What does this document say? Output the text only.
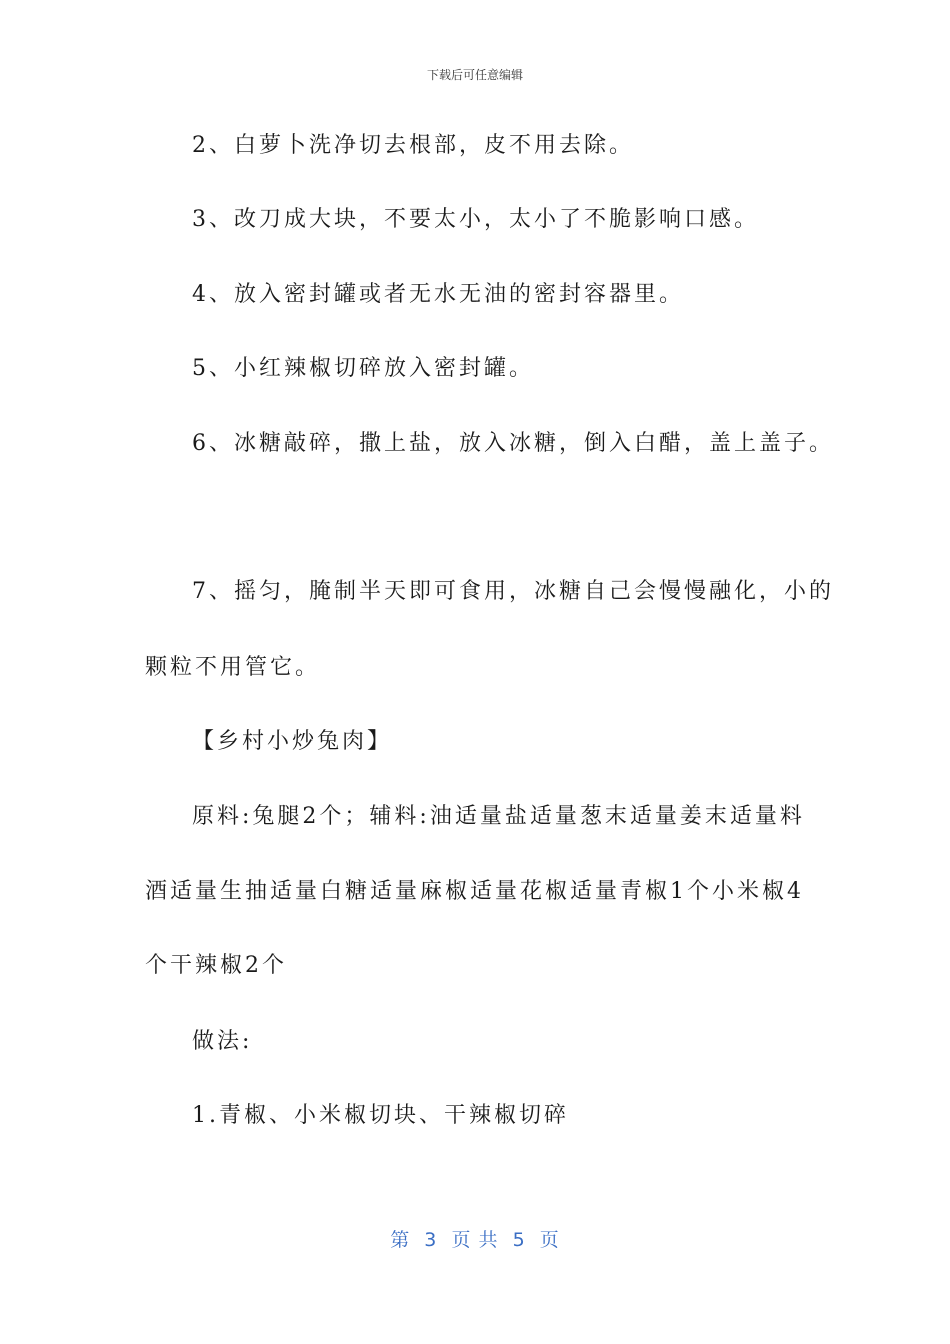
下载后可任意编辑
2、白萝卜洗净切去根部，皮不用去除。
3、改刀成大块，不要太小，太小了不脆影响口感。
4、放入密封罐或者无水无油的密封容器里。
5、小红辣椒切碎放入密封罐。
6、冰糖敲碎，撒上盐，放入冰糖，倒入白醋，盖上盖子。
7、摇匀，腌制半天即可食用，冰糖自己会慢慢融化，小的
颗粒不用管它。
【乡村小炒兔肉】
原料:兔腿2个；辅料:油适量盐适量葱末适量姜末适量料
酒适量生抽适量白糖适量麻椒适量花椒适量青椒1个小米椒4
个干辣椒2个
做法:
1.青椒、小米椒切块、干辣椒切碎
第  3  页 共  5  页
